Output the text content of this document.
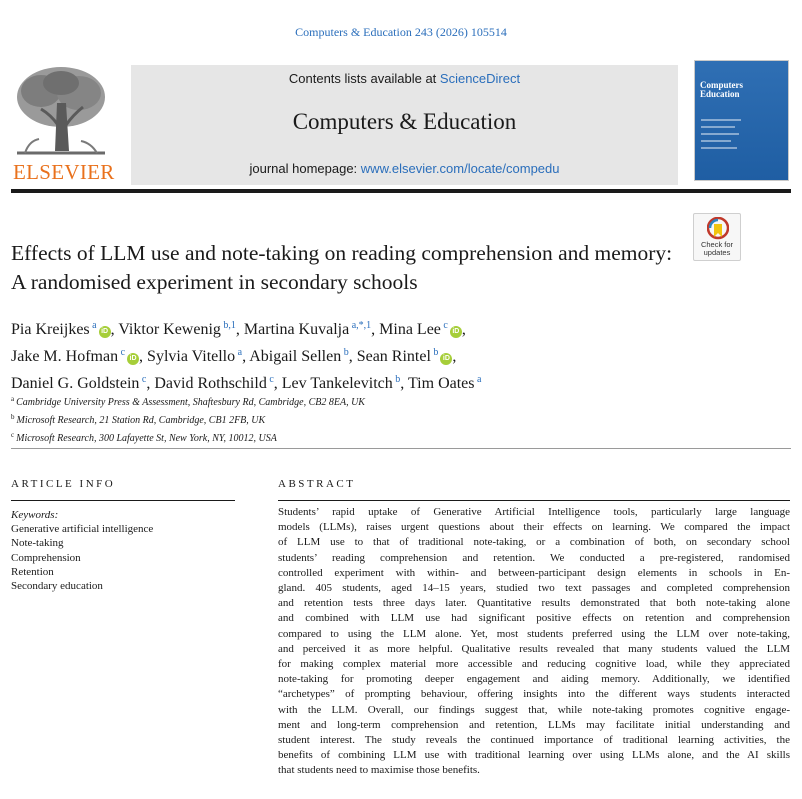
Computers & Education 243 (2026) 105514
ELSEVIER
Contents lists available at ScienceDirect
Computers & Education
journal homepage: www.elsevier.com/locate/compedu
Computers
Education
Check for
updates
Effects of LLM use and note-taking on reading comprehension and memory: A randomised experiment in secondary schools
Pia Kreijkes $^a$iD , Viktor Kewenig $^{b,1}$, Martina Kuvalja $^{a,*,1}$, Mina Lee $^c$iD ,
Jake M. Hofman $^c$iD , Sylvia Vitello $^a$, Abigail Sellen $^b$, Sean Rintel $^b$iD ,
Daniel G. Goldstein $^c$, David Rothschild $^c$, Lev Tankelevitch $^b$, Tim Oates $^a$
$^a$ Cambridge University Press & Assessment, Shaftesbury Rd, Cambridge, CB2 8EA, UK
$^b$ Microsoft Research, 21 Station Rd, Cambridge, CB1 2FB, UK
$^c$ Microsoft Research, 300 Lafayette St, New York, NY, 10012, USA
ARTICLE INFO
Keywords:
Generative artificial intelligence
Note-taking
Comprehension
Retention
Secondary education
ABSTRACT
Students’ rapid uptake of Generative Artificial Intelligence tools, particularly large language
models (LLMs), raises urgent questions about their effects on learning. We compared the impact
of LLM use to that of traditional note-taking, or a combination of both, on secondary school
students’ reading comprehension and retention. We conducted a pre-registered, randomised
controlled experiment with within- and between-participant design elements in schools in En-
gland. 405 students, aged 14–15 years, studied two text passages and completed comprehension
and retention tests three days later. Quantitative results demonstrated that both note-taking alone
and combined with LLM use had significant positive effects on retention and comprehension
compared to using the LLM alone. Yet, most students preferred using the LLM over note-taking,
and perceived it as more helpful. Qualitative results revealed that many students valued the LLM
for making complex material more accessible and reducing cognitive load, while they appreciated
note-taking for promoting deeper engagement and aiding memory. Additionally, we identified
“archetypes” of prompting behaviour, offering insights into the different ways students interacted
with the LLM. Overall, our findings suggest that, while note-taking promotes cognitive engage-
ment and long-term comprehension and retention, LLMs may facilitate initial understanding and
student interest. The study reveals the continued importance of traditional learning activities, the
benefits of combining LLM use with traditional learning over using LLMs alone, and the AI skills
that students need to maximise those benefits.
